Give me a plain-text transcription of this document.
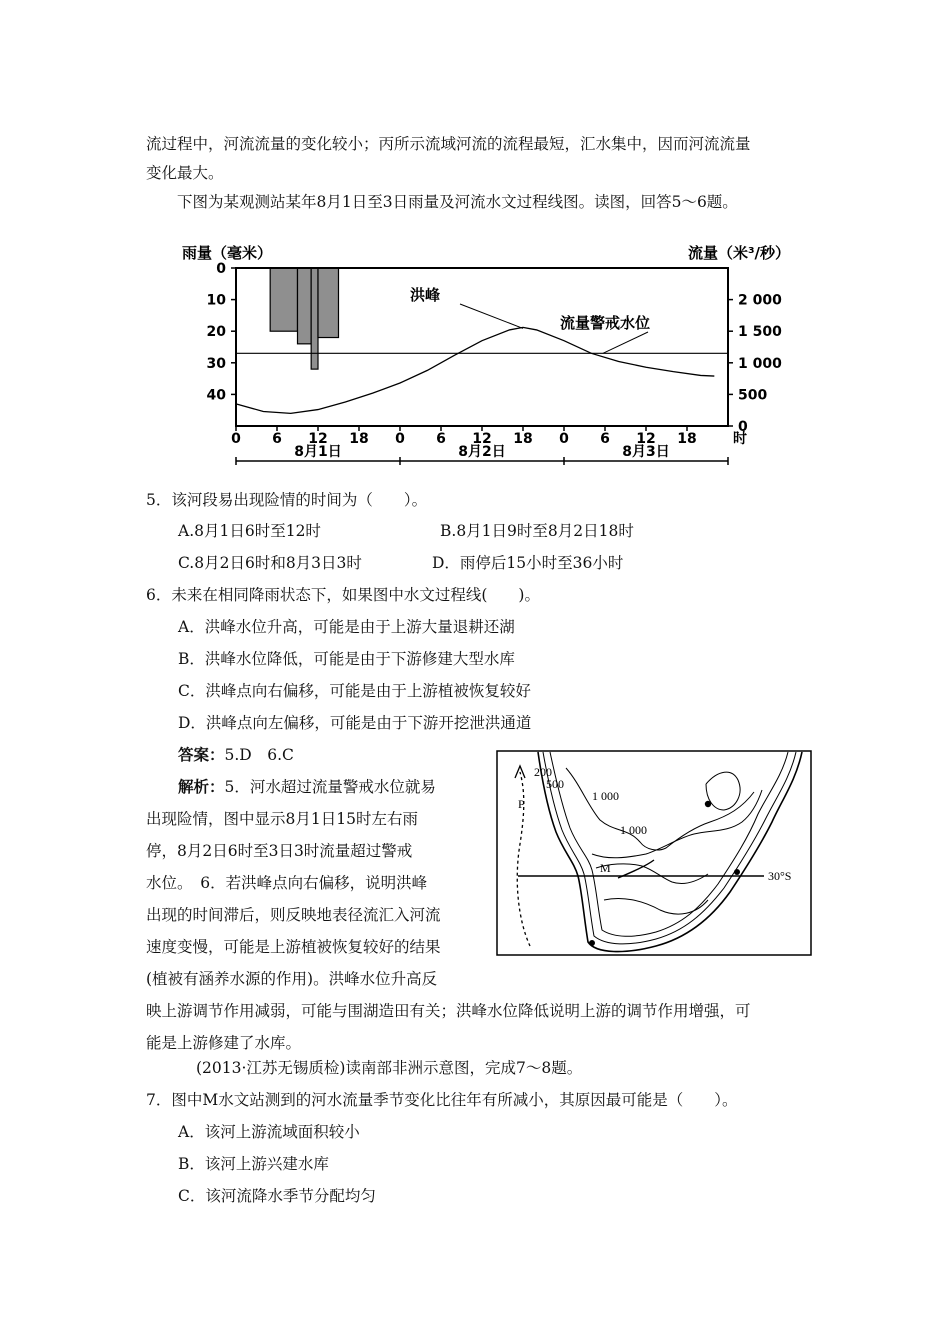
流过程中，河流流量的变化较小；丙所示流域河流的流程最短，汇水集中，因而河流流量
变化最大。
下图为某观测站某年8月1日至3日雨量及河流水文过程线图。读图，回答5～6题。
雨量（毫米）	流量（米³/秒）
0 6 12 18 0 6 12 18 0 6 12 18	时
0
10
20
30
40
0
500
1 000
1 500
2 000
洪峰
流量警戒水位
8月1日	8月2日	8月3日
5．该河段易出现险情的时间为（　　）。
A.8月1日6时至12时	B.8月1日9时至8月2日18时
C.8月2日6时和8月3日3时	D．雨停后15小时至36小时
6．未来在相同降雨状态下，如果图中水文过程线(　　)。
A．洪峰水位升高，可能是由于上游大量退耕还湖
B．洪峰水位降低，可能是由于下游修建大型水库
C．洪峰点向右偏移，可能是由于上游植被恢复较好
D．洪峰点向左偏移，可能是由于下游开挖泄洪通道
答案：5.D　6.C
解析：5．河水超过流量警戒水位就易
出现险情，图中显示8月1日15时左右雨
停，8月2日6时至3日3时流量超过警戒
水位。　6．若洪峰点向右偏移，说明洪峰
出现的时间滞后，则反映地表径流汇入河流
速度变慢，可能是上游植被恢复较好的结果
(植被有涵养水源的作用)。洪峰水位升高反
映上游调节作用减弱，可能与围湖造田有关；洪峰水位降低说明上游的调节作用增强，可
能是上游修建了水库。
200
500
1 000
1 000
P
M
30°S
(2013·江苏无锡质检)读南部非洲示意图，完成7～8题。
7．图中M水文站测到的河水流量季节变化比往年有所减小，其原因最可能是（　　）。
A．该河上游流域面积较小
B．该河上游兴建水库
C．该河流降水季节分配均匀
